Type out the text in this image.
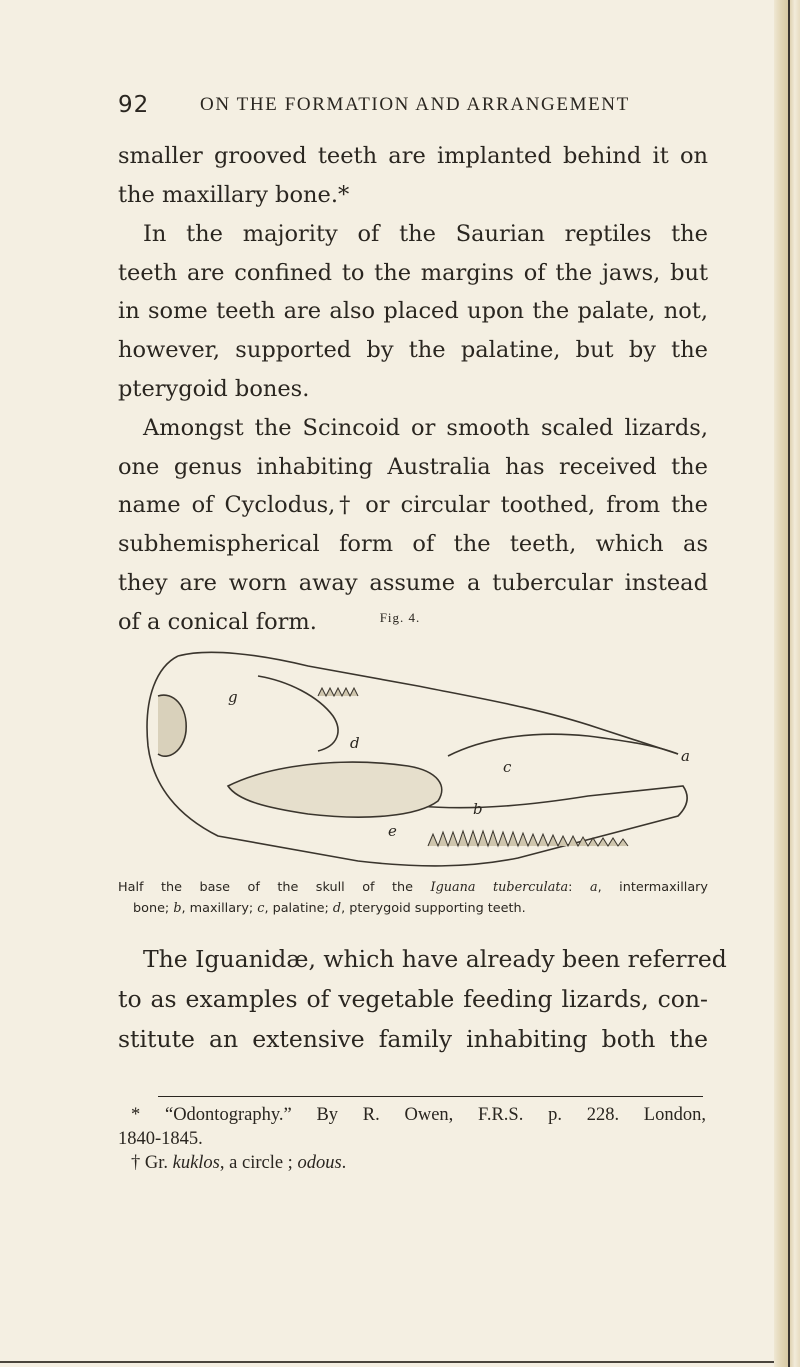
92	ON THE FORMATION AND ARRANGEMENT
smaller grooved teeth are implanted behind it on
the maxillary bone.*
In the majority of the Saurian reptiles the
teeth are confined to the margins of the jaws, but
in some teeth are also placed upon the palate, not,
however, supported by the palatine, but by the
pterygoid bones.
Amongst the Scincoid or smooth scaled lizards,
one genus inhabiting Australia has received the
name of Cyclodus,† or circular toothed, from the
subhemispherical form of the teeth, which as
they are worn away assume a tubercular instead
of a conical form.	Fig. 4.
a
b
c
d
e
g
Half the base of the skull of the Iguana tuberculata: a, intermaxillary
bone; b, maxillary; c, palatine; d, pterygoid supporting teeth.
The Iguanidæ, which have already been referred
to as examples of vegetable feeding lizards, con-
stitute an extensive family inhabiting both the
* “Odontography.” By R. Owen, F.R.S. p. 228. London,
1840-1845.
† Gr. kuklos, a circle ; odous.
